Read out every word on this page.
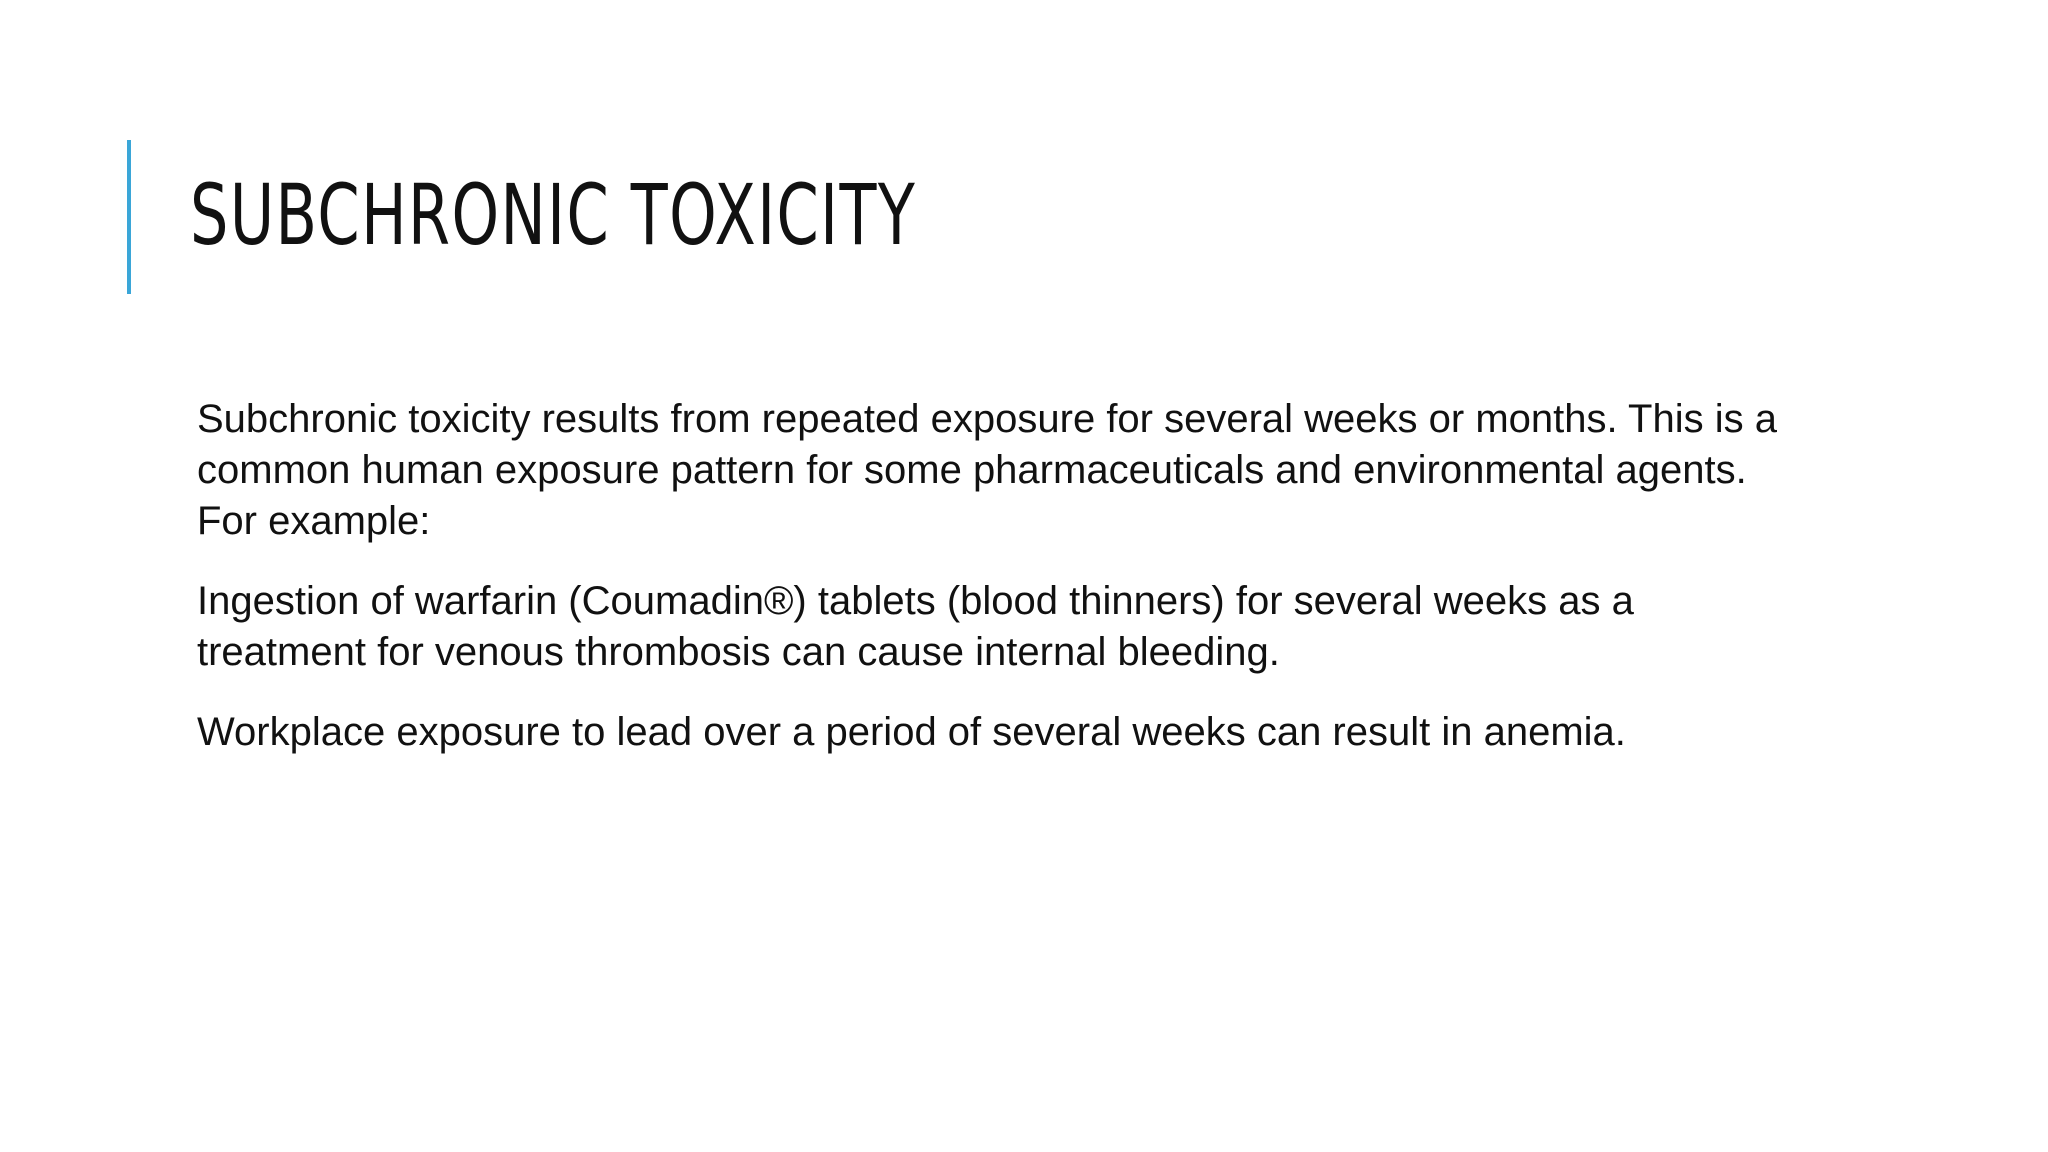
SUBCHRONIC TOXICITY

Subchronic toxicity results from repeated exposure for several weeks or months. This is a common human exposure pattern for some pharmaceuticals and environmental agents. For example:

Ingestion of warfarin (Coumadin®) tablets (blood thinners) for several weeks as a treatment for venous thrombosis can cause internal bleeding.

Workplace exposure to lead over a period of several weeks can result in anemia.
